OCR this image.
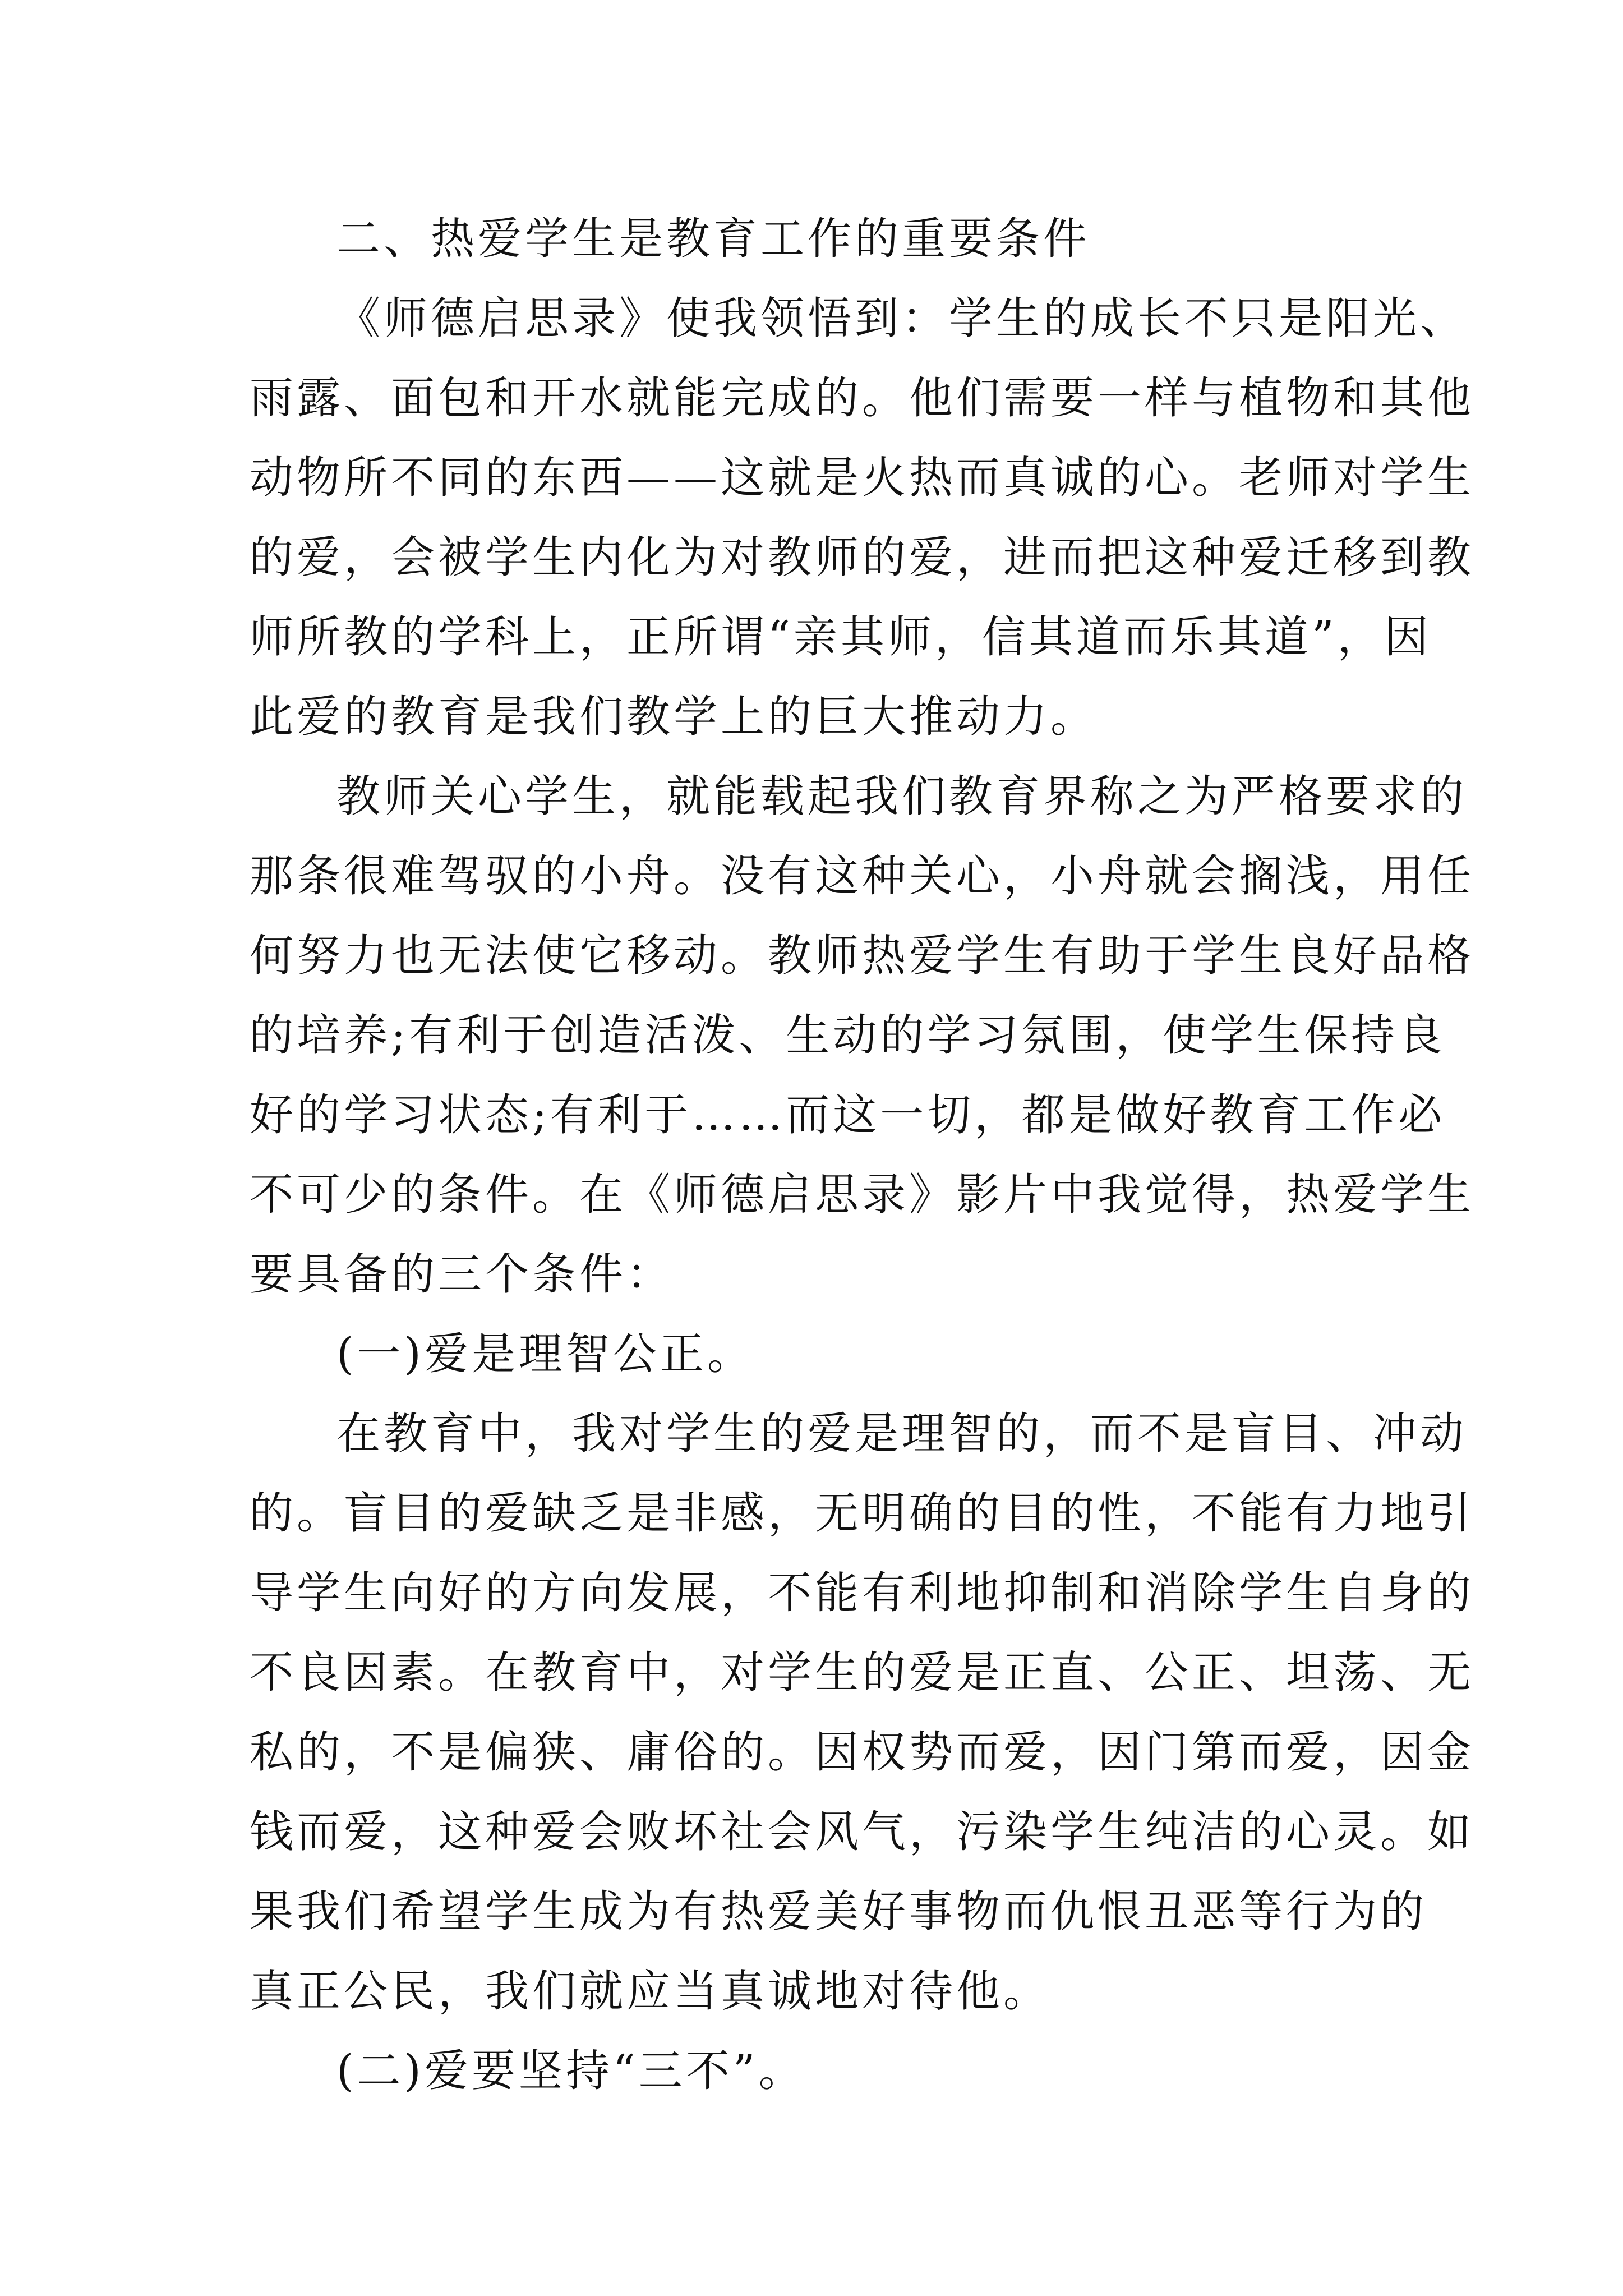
二、热爱学生是教育工作的重要条件

《师德启思录》使我领悟到：学生的成长不只是阳光、

雨露、面包和开水就能完成的。他们需要一样与植物和其他

动物所不同的东西——这就是火热而真诚的心。老师对学生

的爱，会被学生内化为对教师的爱，进而把这种爱迁移到教

师所教的学科上，正所谓“亲其师，信其道而乐其道”，因

此爱的教育是我们教学上的巨大推动力。

教师关心学生，就能载起我们教育界称之为严格要求的

那条很难驾驭的小舟。没有这种关心，小舟就会搁浅，用任

何努力也无法使它移动。教师热爱学生有助于学生良好品格

的培养;有利于创造活泼、生动的学习氛围，使学生保持良

好的学习状态;有利于……而这一切，都是做好教育工作必

不可少的条件。在《师德启思录》影片中我觉得，热爱学生

要具备的三个条件：

(一)爱是理智公正。

在教育中，我对学生的爱是理智的，而不是盲目、冲动

的。盲目的爱缺乏是非感，无明确的目的性，不能有力地引

导学生向好的方向发展，不能有利地抑制和消除学生自身的

不良因素。在教育中，对学生的爱是正直、公正、坦荡、无

私的，不是偏狭、庸俗的。因权势而爱，因门第而爱，因金

钱而爱，这种爱会败坏社会风气，污染学生纯洁的心灵。如

果我们希望学生成为有热爱美好事物而仇恨丑恶等行为的

真正公民，我们就应当真诚地对待他。

(二)爱要坚持“三不”。
